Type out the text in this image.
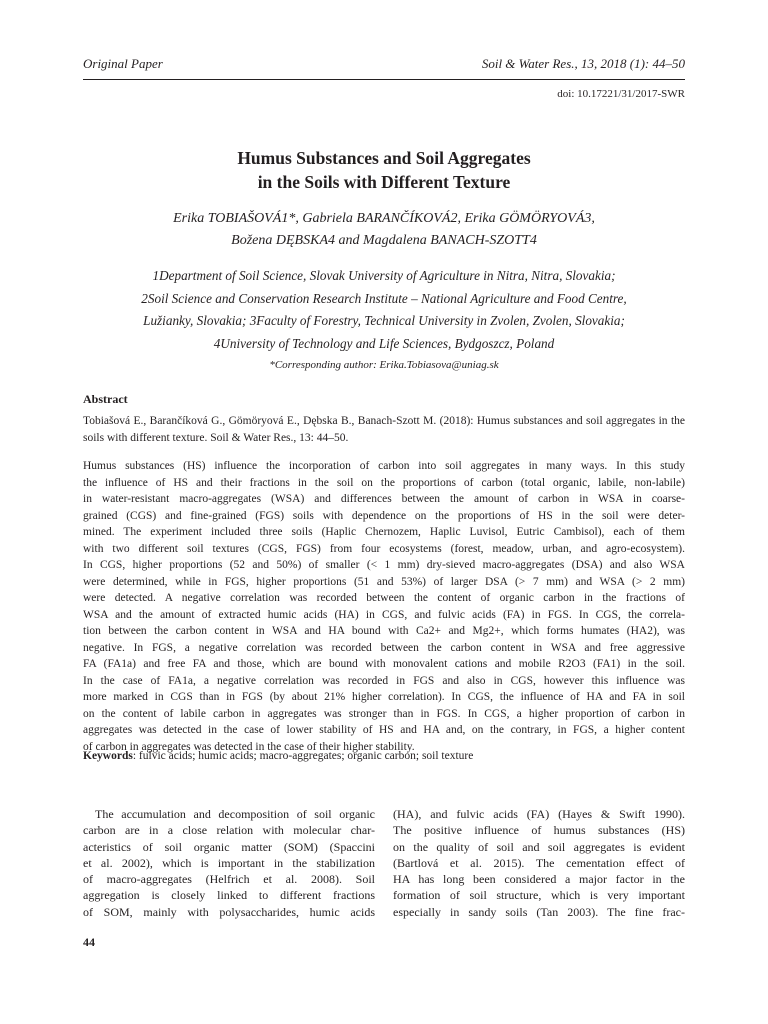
Original Paper	Soil & Water Res., 13, 2018 (1): 44–50
doi: 10.17221/31/2017-SWR
Humus Substances and Soil Aggregates
in the Soils with Different Texture
Erika TOBIAŠOVÁ1*, Gabriela BARANČÍKOVÁ2, Erika GÖMÖRYOVÁ3,
Božena DĘBSKA4 and Magdalena BANACH-SZOTT4
1Department of Soil Science, Slovak University of Agriculture in Nitra, Nitra, Slovakia;
2Soil Science and Conservation Research Institute – National Agriculture and Food Centre,
Lužianky, Slovakia; 3Faculty of Forestry, Technical University in Zvolen, Zvolen, Slovakia;
4University of Technology and Life Sciences, Bydgoszcz, Poland
*Corresponding author: Erika.Tobiasova@uniag.sk
Abstract
Tobiašová E., Barančíková G., Gömöryová E., Dębska B., Banach-Szott M. (2018): Humus substances and soil aggregates in the soils with different texture. Soil & Water Res., 13: 44–50.
Humus substances (HS) influence the incorporation of carbon into soil aggregates in many ways. In this study
the influence of HS and their fractions in the soil on the proportions of carbon (total organic, labile, non-labile)
in water-resistant macro-aggregates (WSA) and differences between the amount of carbon in WSA in coarse-
grained (CGS) and fine-grained (FGS) soils with dependence on the proportions of HS in the soil were deter-
mined. The experiment included three soils (Haplic Chernozem, Haplic Luvisol, Eutric Cambisol), each of them
with two different soil textures (CGS, FGS) from four ecosystems (forest, meadow, urban, and agro-ecosystem).
In CGS, higher proportions (52 and 50%) of smaller (< 1 mm) dry-sieved macro-aggregates (DSA) and also WSA
were determined, while in FGS, higher proportions (51 and 53%) of larger DSA (> 7 mm) and WSA (> 2 mm)
were detected. A negative correlation was recorded between the content of organic carbon in the fractions of
WSA and the amount of extracted humic acids (HA) in CGS, and fulvic acids (FA) in FGS. In CGS, the correla-
tion between the carbon content in WSA and HA bound with Ca2+ and Mg2+, which forms humates (HA2), was
negative. In FGS, a negative correlation was recorded between the carbon content in WSA and free aggressive
FA (FA1a) and free FA and those, which are bound with monovalent cations and mobile R2O3 (FA1) in the soil.
In the case of FA1a, a negative correlation was recorded in FGS and also in CGS, however this influence was
more marked in CGS than in FGS (by about 21% higher correlation). In CGS, the influence of HA and FA in soil
on the content of labile carbon in aggregates was stronger than in FGS. In CGS, a higher proportion of carbon in
aggregates was detected in the case of lower stability of HS and HA and, on the contrary, in FGS, a higher content
of carbon in aggregates was detected in the case of their higher stability.
Keywords: fulvic acids; humic acids; macro-aggregates; organic carbon; soil texture
The accumulation and decomposition of soil organic
carbon are in a close relation with molecular char-
acteristics of soil organic matter (SOM) (Spaccini
et al. 2002), which is important in the stabilization
of macro-aggregates (Helfrich et al. 2008). Soil
aggregation is closely linked to different fractions
of SOM, mainly with polysaccharides, humic acids
(HA), and fulvic acids (FA) (Hayes & Swift 1990).
The positive influence of humus substances (HS)
on the quality of soil and soil aggregates is evident
(Bartlová et al. 2015). The cementation effect of
HA has long been considered a major factor in the
formation of soil structure, which is very important
especially in sandy soils (Tan 2003). The fine frac-
44
